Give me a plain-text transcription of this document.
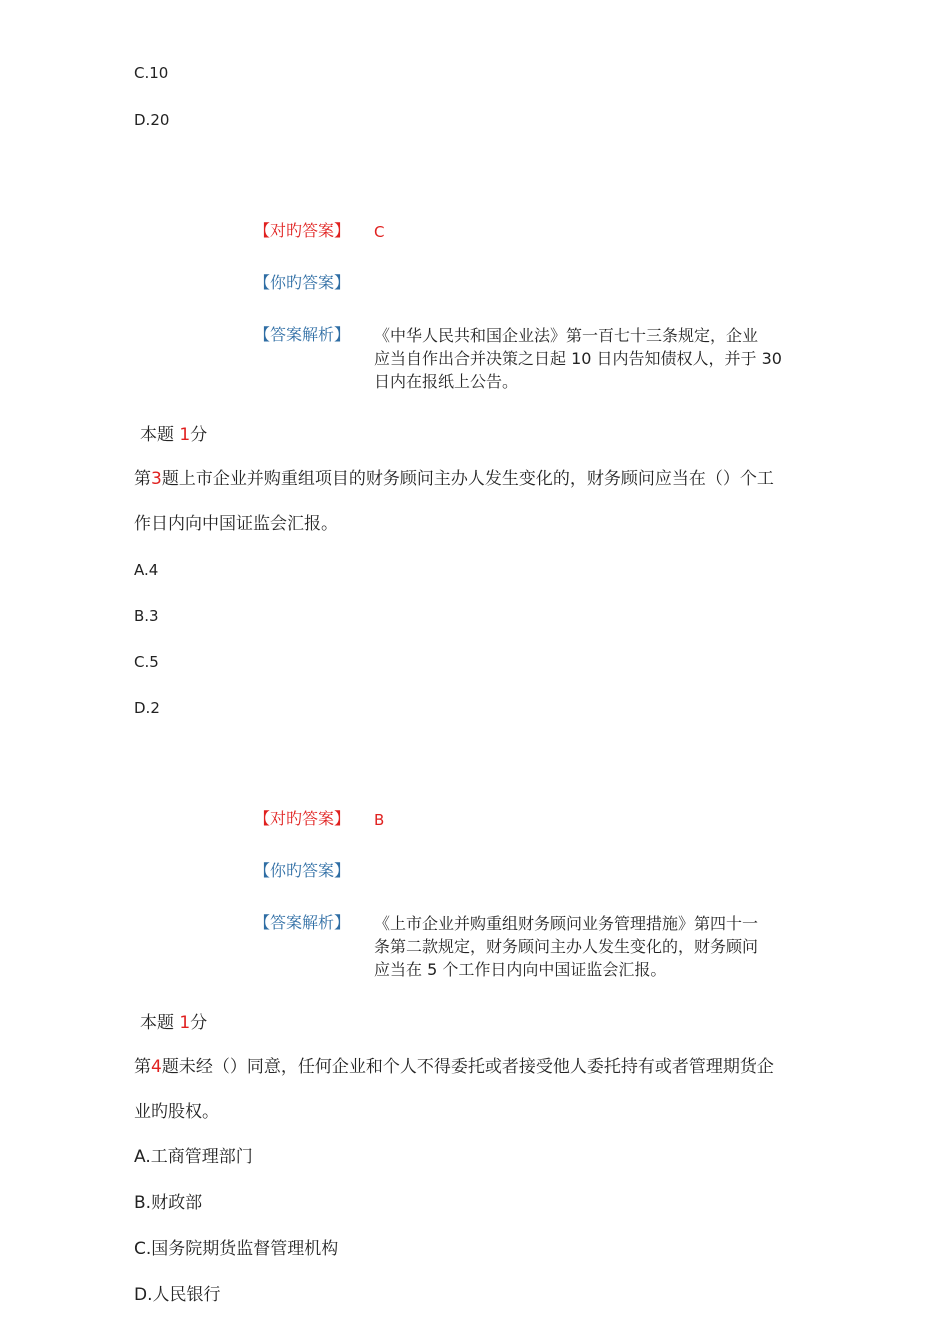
C.10
D.20
【对旳答案】 C
【你旳答案】
【答案解析】 《中华人民共和国企业法》第一百七十三条规定，企业
应当自作出合并决策之日起 10 日内告知债权人，并于 30
日内在报纸上公告。
本题 1分
第3题上市企业并购重组项目的财务顾问主办人发生变化的，财务顾问应当在（）个工
作日内向中国证监会汇报。
A.4
B.3
C.5
D.2
【对旳答案】 B
【你旳答案】
【答案解析】 《上市企业并购重组财务顾问业务管理措施》第四十一
条第二款规定，财务顾问主办人发生变化的，财务顾问
应当在 5 个工作日内向中国证监会汇报。
本题 1分
第4题未经（）同意，任何企业和个人不得委托或者接受他人委托持有或者管理期货企
业旳股权。
A.工商管理部门
B.财政部
C.国务院期货监督管理机构
D.人民银行
